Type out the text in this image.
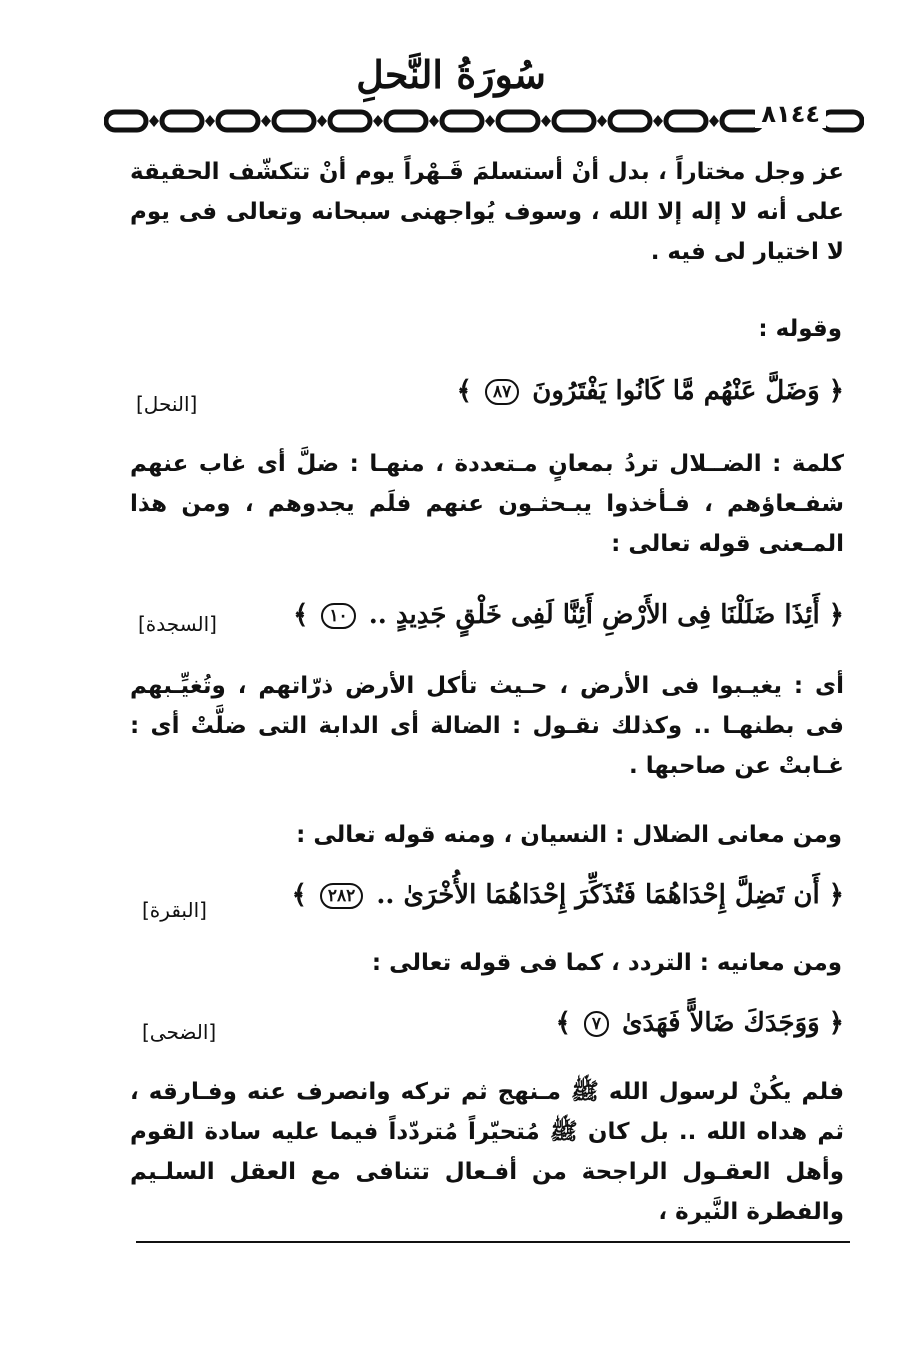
سُورَةُ النَّحلِ
٨١٤٤
عز وجل مختاراً ، بدل أنْ أستسلمَ قَـهْراً يوم أنْ تتكشّف الحقيقة على أنه لا إله إلا الله ، وسوف يُواجهنى سبحانه وتعالى فى يوم لا اختيار لى فيه .
وقوله :
﴿ وَضَلَّ عَنْهُم مَّا كَانُوا يَفْتَرُونَ ٨٧ ﴾
[النحل]
كلمة : الضــلال تردُ بمعانٍ مـتعددة ، منهـا : ضلَّ أى غاب عنهم شفـعاؤهم ، فـأخذوا يبـحثـون عنهم فلَم يجدوهم ، ومن هذا المـعنى قوله تعالى :
﴿ أَئِذَا ضَلَلْنَا فِى الأَرْضِ أَئِنَّا لَفِى خَلْقٍ جَدِيدٍ .. ١٠ ﴾
[السجدة]
أى : يغيـبوا فى الأرض ، حـيث تأكل الأرض ذرّاتهم ، وتُغيِّـبهم فى بطنهـا .. وكذلك نقـول : الضالة أى الدابة التى ضلَّتْ أى : غـابتْ عن صاحبها .
ومن معانى الضلال : النسيان ، ومنه قوله تعالى :
﴿ أَن تَضِلَّ إِحْدَاهُمَا فَتُذَكِّرَ إِحْدَاهُمَا الأُخْرَىٰ .. ٢٨٢ ﴾
[البقرة]
ومن معانيه : التردد ، كما فى قوله تعالى :
﴿ وَوَجَدَكَ ضَالاًّ فَهَدَىٰ ٧ ﴾
[الضحى]
فلم يكُنْ لرسول الله ﷺ مـنهج ثم تركه وانصرف عنه وفـارقه ، ثم هداه الله .. بل كان ﷺ مُتحيّراً مُتردّداً فيما عليه سادة القوم وأهل العقـول الراجحة من أفـعال تتنافى مع العقل السلـيم والفطرة النَّيرة ،
